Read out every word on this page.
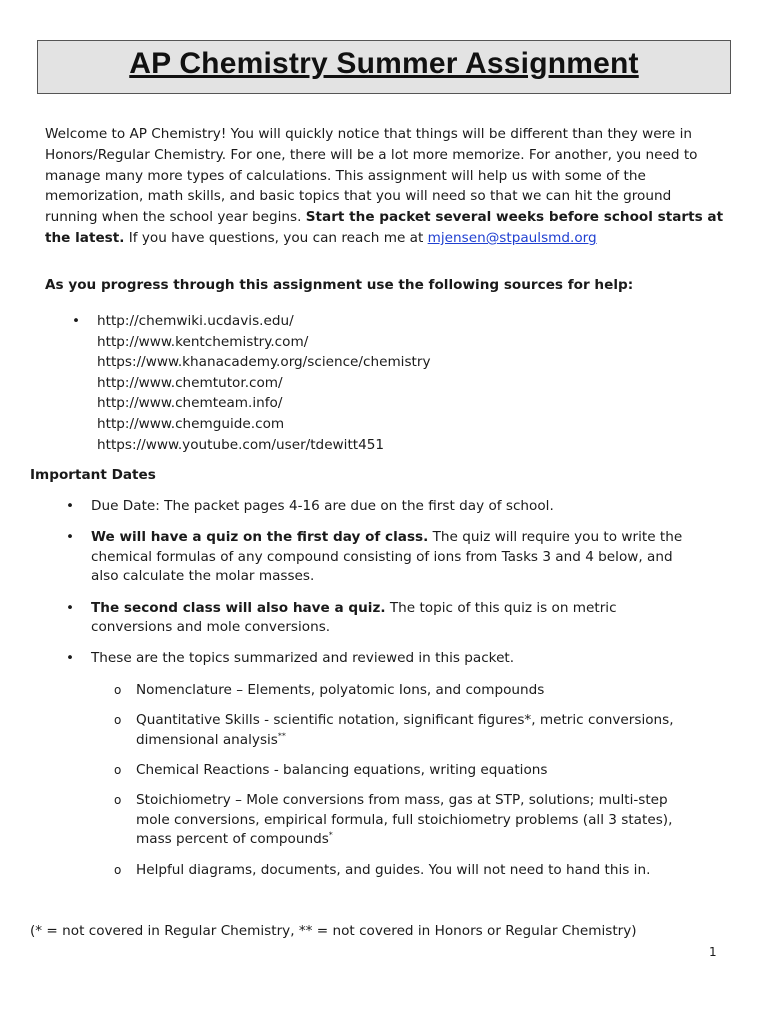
AP Chemistry Summer Assignment

Welcome to AP Chemistry! You will quickly notice that things will be different than they were in Honors/Regular Chemistry. For one, there will be a lot more memorize. For another, you need to manage many more types of calculations. This assignment will help us with some of the memorization, math skills, and basic topics that you will need so that we can hit the ground running when the school year begins. Start the packet several weeks before school starts at the latest. If you have questions, you can reach me at mjensen@stpaulsmd.org

As you progress through this assignment use the following sources for help:

• http://chemwiki.ucdavis.edu/
http://www.kentchemistry.com/
https://www.khanacademy.org/science/chemistry
http://www.chemtutor.com/
http://www.chemteam.info/
http://www.chemguide.com
https://www.youtube.com/user/tdewitt451

Important Dates

• Due Date: The packet pages 4-16 are due on the first day of school.
• We will have a quiz on the first day of class. The quiz will require you to write the chemical formulas of any compound consisting of ions from Tasks 3 and 4 below, and also calculate the molar masses.
• The second class will also have a quiz. The topic of this quiz is on metric conversions and mole conversions.
• These are the topics summarized and reviewed in this packet.
o Nomenclature – Elements, polyatomic Ions, and compounds
o Quantitative Skills - scientific notation, significant figures*, metric conversions, dimensional analysis**
o Chemical Reactions - balancing equations, writing equations
o Stoichiometry – Mole conversions from mass, gas at STP, solutions; multi-step mole conversions, empirical formula, full stoichiometry problems (all 3 states), mass percent of compounds*
o Helpful diagrams, documents, and guides. You will not need to hand this in.

(* = not covered in Regular Chemistry, ** = not covered in Honors or Regular Chemistry)

1
